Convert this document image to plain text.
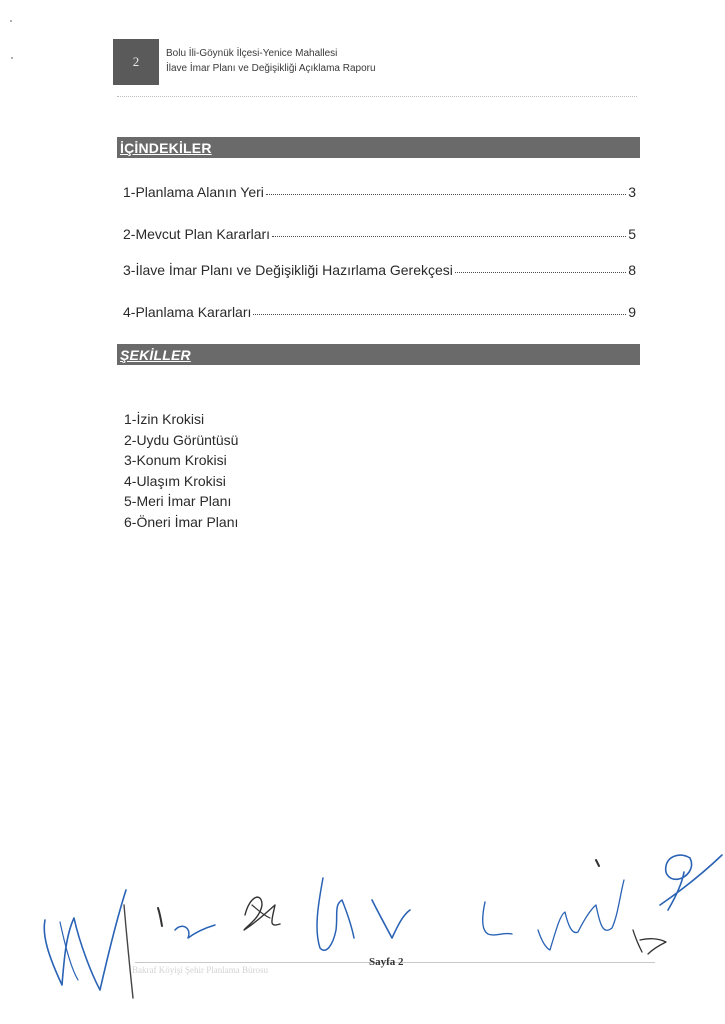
2
Bolu İli-Göynük İlçesi-Yenice Mahallesi
İlave İmar Planı ve Değişikliği Açıklama Raporu
İÇİNDEKİLER
1-Planlama Alanın Yeri	3
2-Mevcut Plan Kararları	5
3-İlave İmar Planı ve Değişikliği Hazırlama Gerekçesi	8
4-Planlama Kararları	9
ŞEKİLLER
1-İzin Krokisi
2-Uydu Görüntüsü
3-Konum Krokisi
4-Ulaşım Krokisi
5-Meri İmar Planı
6-Öneri İmar Planı
Bakraf Köyişi Şehir Planlama Bürosu
Sayfa 2
